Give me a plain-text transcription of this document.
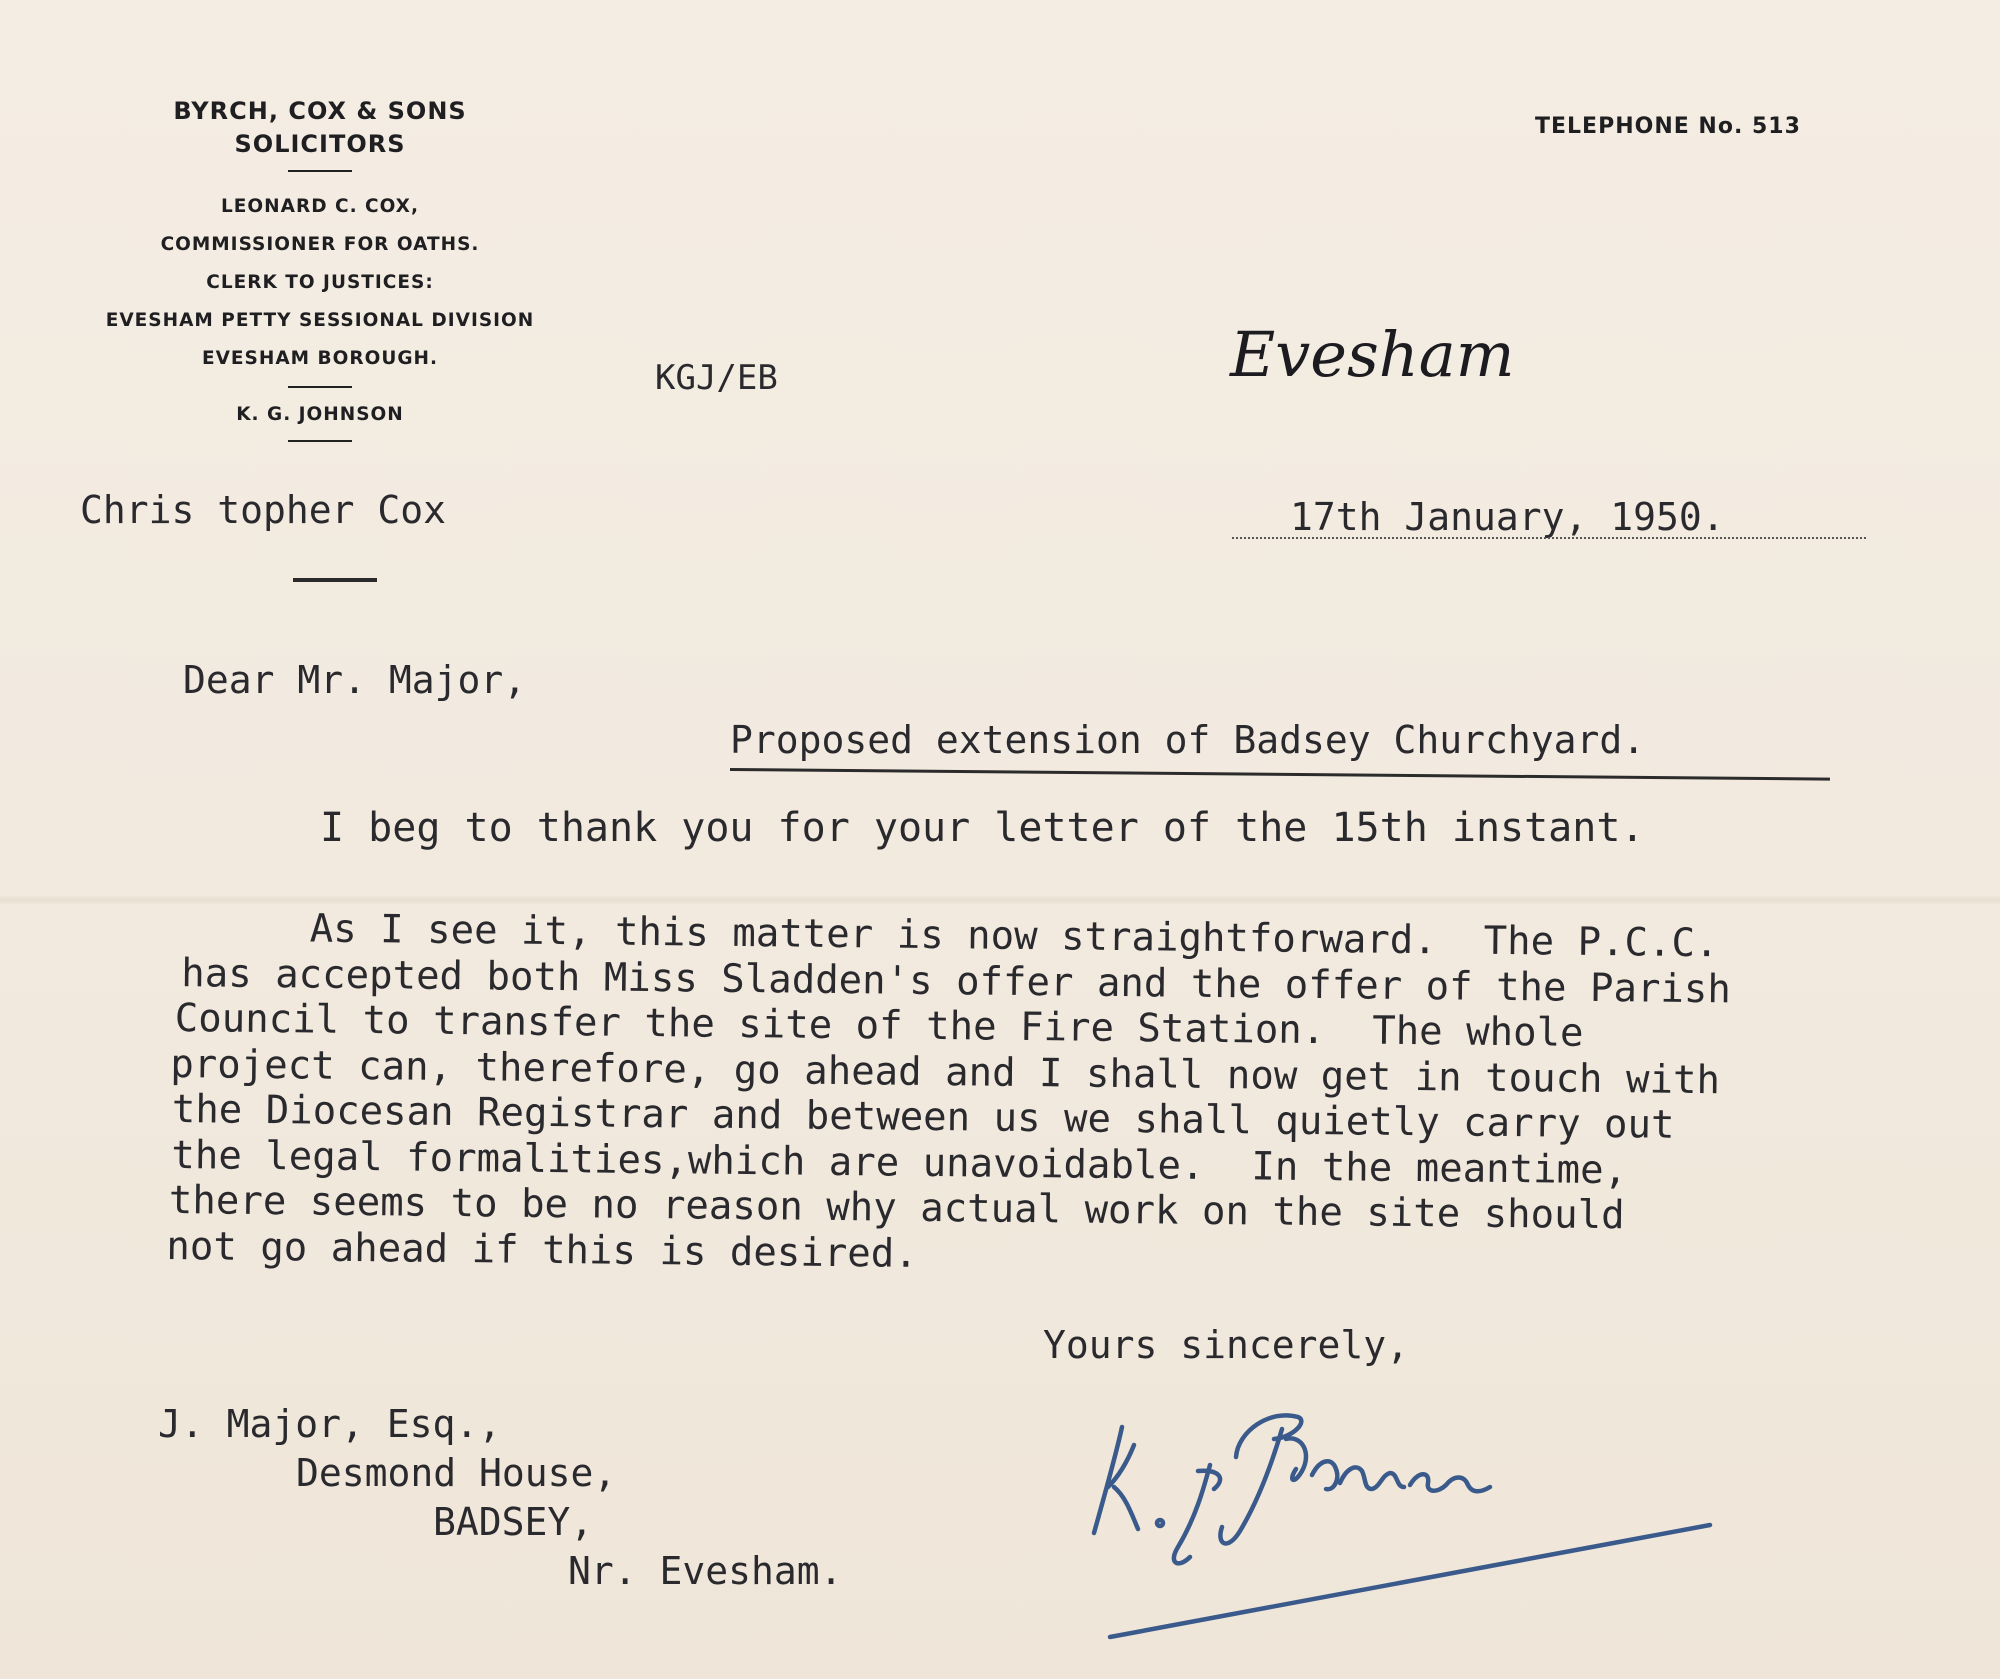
BYRCH, COX & SONS
SOLICITORS
LEONARD C. COX,
COMMISSIONER FOR OATHS.
CLERK TO JUSTICES:
EVESHAM PETTY SESSIONAL DIVISION
EVESHAM BOROUGH.
K. G. JOHNSON
TELEPHONE No. 513
KGJ/EB	Evesham
Chris topher Cox	17th January, 1950.
Dear Mr. Major,
Proposed extension of Badsey Churchyard.
I beg to thank you for your letter of the 15th instant.
As I see it, this matter is now straightforward.  The P.C.C.
has accepted both Miss Sladden's offer and the offer of the Parish
Council to transfer the site of the Fire Station.  The whole
project can, therefore, go ahead and I shall now get in touch with
the Diocesan Registrar and between us we shall quietly carry out
the legal formalities,which are unavoidable.  In the meantime,
there seems to be no reason why actual work on the site should
not go ahead if this is desired.
Yours sincerely,
J. Major, Esq.,
Desmond House,
BADSEY,
Nr. Evesham.
